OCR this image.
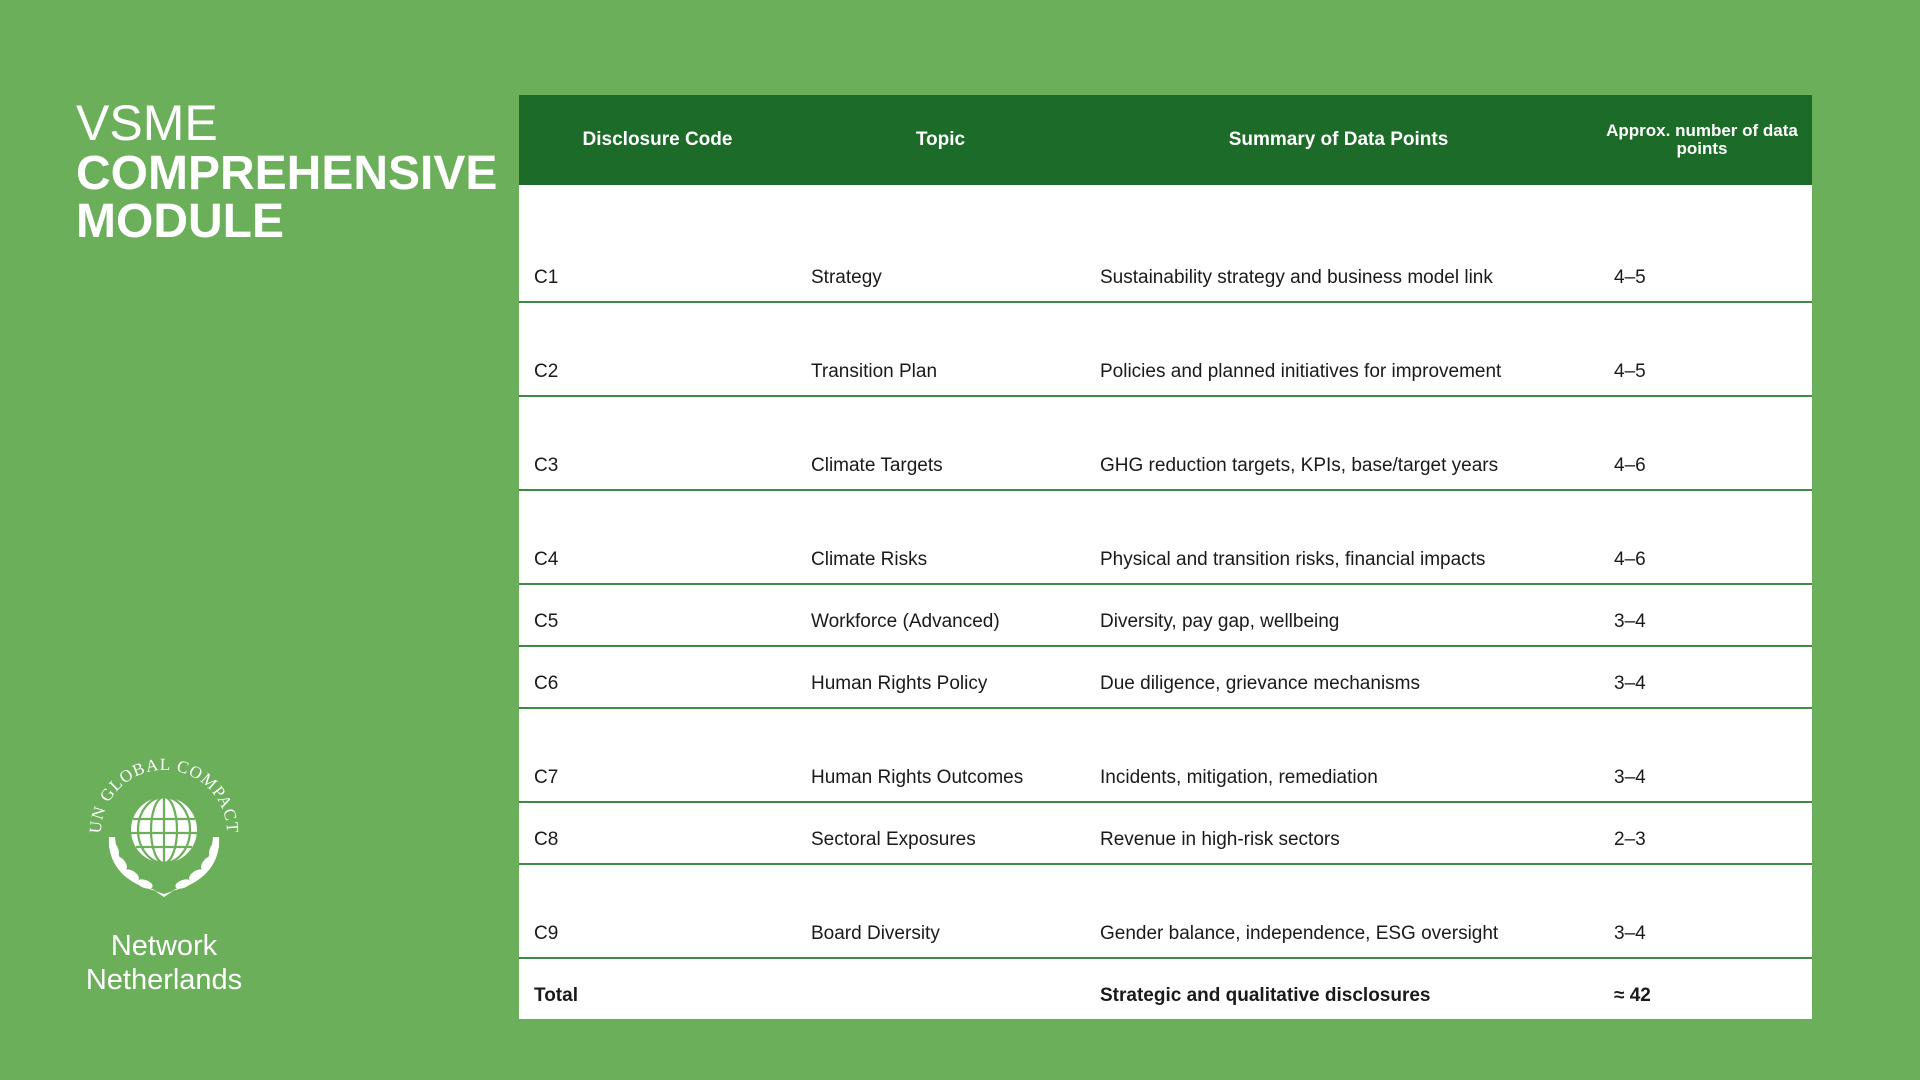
VSME
COMPREHENSIVE
MODULE
UN GLOBAL COMPACT
Network
Netherlands
Disclosure Code	Topic	Summary of Data Points	Approx. number of data points
C1	Strategy	Sustainability strategy and business model link	4–5
C2	Transition Plan	Policies and planned initiatives for improvement	4–5
C3	Climate Targets	GHG reduction targets, KPIs, base/target years	4–6
C4	Climate Risks	Physical and transition risks, financial impacts	4–6
C5	Workforce (Advanced)	Diversity, pay gap, wellbeing	3–4
C6	Human Rights Policy	Due diligence, grievance mechanisms	3–4
C7	Human Rights Outcomes	Incidents, mitigation, remediation	3–4
C8	Sectoral Exposures	Revenue in high-risk sectors	2–3
C9	Board Diversity	Gender balance, independence, ESG oversight	3–4
Total		Strategic and qualitative disclosures	≈ 42
